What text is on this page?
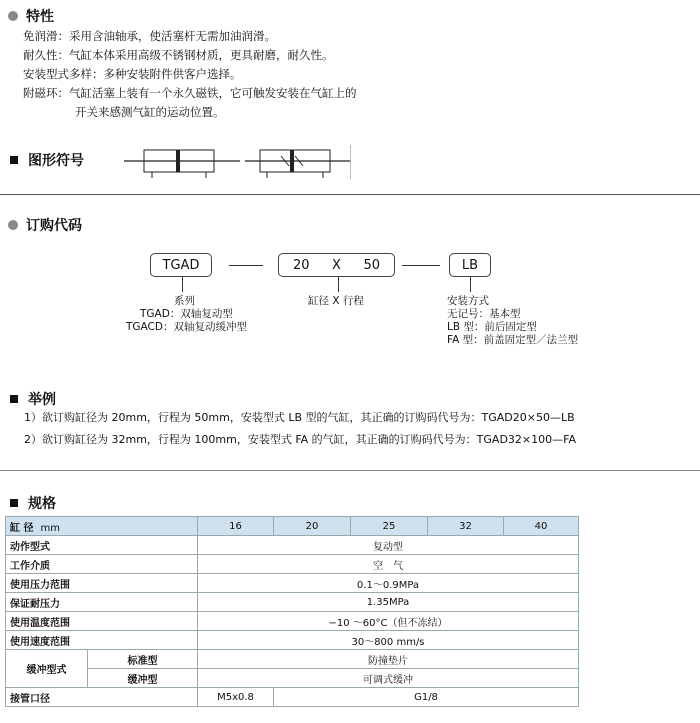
特性
免润滑：采用含油轴承，使活塞杆无需加油润滑。
耐久性：气缸本体采用高级不锈钢材质，更具耐磨，耐久性。
安装型式多样：多种安装附件供客户选择。
附磁环：气缸活塞上装有一个永久磁铁，它可触发安装在气缸上的
开关来感测气缸的运动位置。
图形符号
订购代码
TGAD	20 X 50	LB
系列
TGAD：双轴复动型
TGACD：双轴复动缓冲型
缸径 X 行程	安装方式
无记号：基本型
LB 型：前后固定型
FA 型：前盖固定型／法兰型
举例
1）欲订购缸径为 20mm，行程为 50mm，安装型式 LB 型的气缸，其正确的订购码代号为：TGAD20×50—LB
2）欲订购缸径为 32mm，行程为 100mm，安装型式 FA 的气缸，其正确的订购码代号为：TGAD32×100—FA
规格
缸 径 mm		16	20	25	32	40
动作型式		复动型				
工作介质		空　气				
使用压力范围		0.1～0.9MPa				
保证耐压力		1.35MPa				
使用温度范围		−10 ～60°C（但不冻结）				
使用速度范围		30～800 mm/s				
缓冲型式	标准型	防撞垫片				
	缓冲型	可调式缓冲				
接管口径		M5x0.8	G1/8			
